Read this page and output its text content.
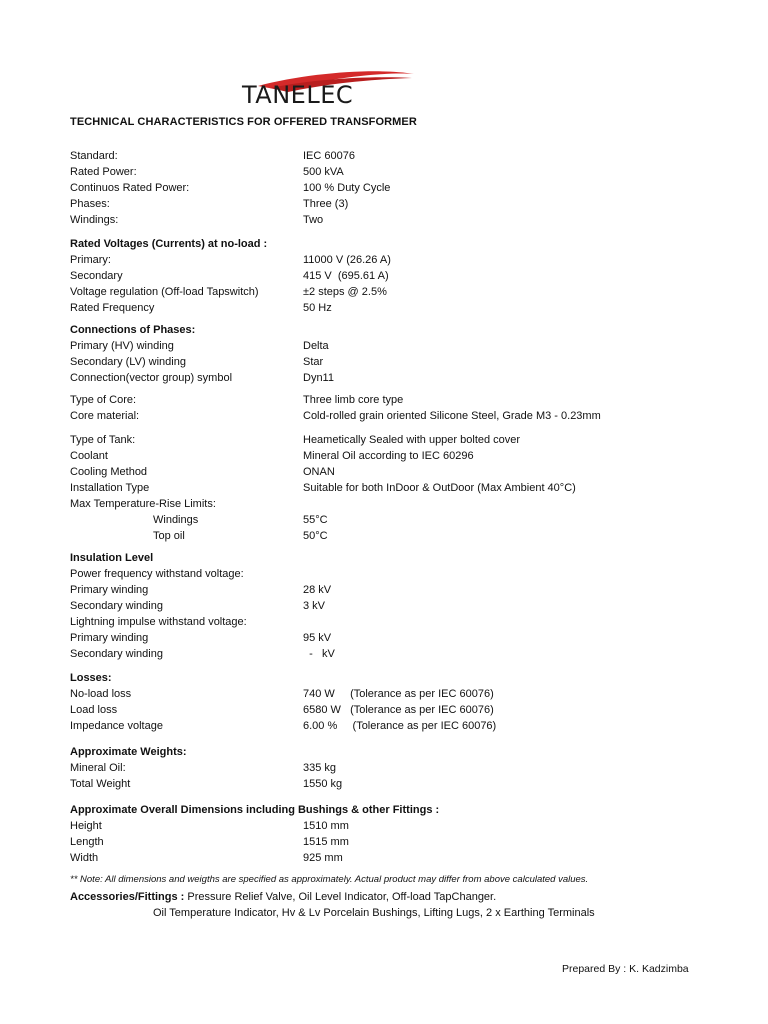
TANELEC
TECHNICAL CHARACTERISTICS FOR OFFERED TRANSFORMER
Standard:	IEC 60076
Rated Power:	500 kVA
Continuos Rated Power:	100 % Duty Cycle
Phases:	Three (3)
Windings:	Two
Rated Voltages (Currents) at no-load :
Primary:	11000 V (26.26 A)
Secondary	415 V  (695.61 A)
Voltage regulation (Off-load Tapswitch)	±2 steps @ 2.5%
Rated Frequency	50 Hz
Connections of Phases:
Primary (HV) winding	Delta
Secondary (LV) winding	Star
Connection(vector group) symbol	Dyn11
Type of Core:	Three limb core type
Core material:	Cold-rolled grain oriented Silicone Steel, Grade M3 - 0.23mm
Type of Tank:	Heametically Sealed with upper bolted cover
Coolant	Mineral Oil according to IEC 60296
Cooling Method	ONAN
Installation Type	Suitable for both InDoor & OutDoor (Max Ambient 40°C)
Max Temperature-Rise Limits:
Windings	55°C
Top oil	50°C
Insulation Level
Power frequency withstand voltage:
Primary winding	28 kV
Secondary winding	3 kV
Lightning impulse withstand voltage:
Primary winding	95 kV
Secondary winding	-   kV
Losses:
No-load loss	740 W     (Tolerance as per IEC 60076)
Load loss	6580 W   (Tolerance as per IEC 60076)
Impedance voltage	6.00 %     (Tolerance as per IEC 60076)
Approximate Weights:
Mineral Oil:	335 kg
Total Weight	1550 kg
Approximate Overall Dimensions including Bushings & other Fittings :
Height	1510 mm
Length	1515 mm
Width	925 mm
** Note: All dimensions and weigths are specified as approximately. Actual product may differ from above calculated values.
Accessories/Fittings : Pressure Relief Valve, Oil Level Indicator, Off-load TapChanger.
Oil Temperature Indicator, Hv & Lv Porcelain Bushings, Lifting Lugs, 2 x Earthing Terminals
Prepared By : K. Kadzimba
